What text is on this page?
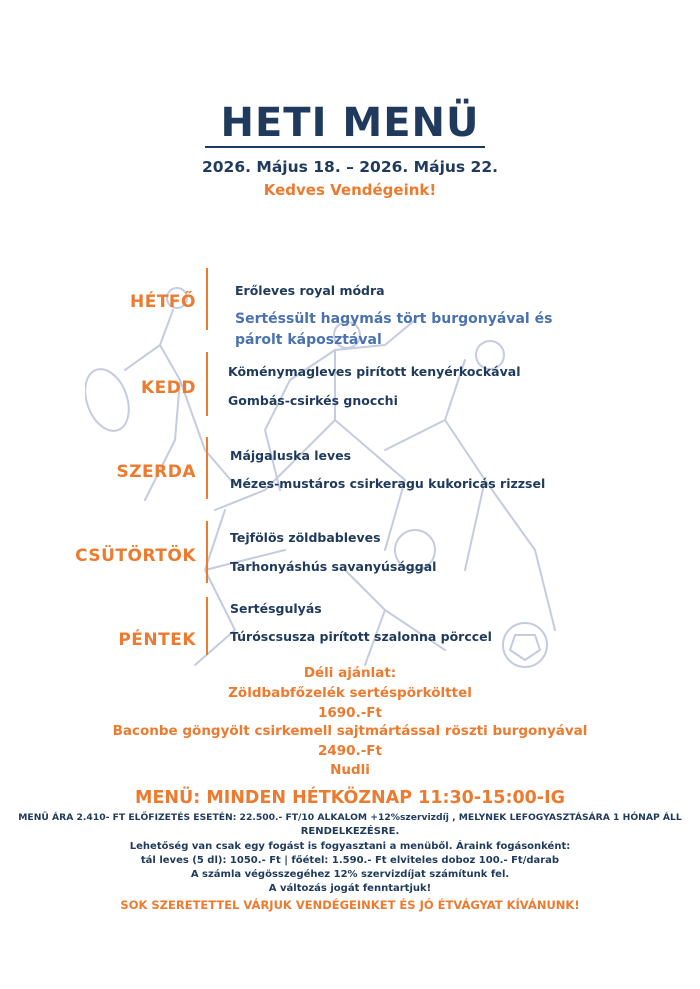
HETI MENÜ
2026. Május 18. – 2026. Május 22.
Kedves Vendégeink!
HÉTFŐ
Erőleves royal módra
Sertéssült hagymás tört burgonyával és párolt káposztával
KEDD
Köménymagleves pirított kenyérkockával
Gombás-csirkés gnocchi
SZERDA
Májgaluska leves
Mézes-mustáros csirkeragu kukoricás rizzsel
CSÜTÖRTÖK
Tejfölös zöldbableves
Tarhonyáshús savanyúsággal
PÉNTEK
Sertésgulyás
Túróscsusza pirított szalonna pörccel
Déli ajánlat:
Zöldbabfőzelék sertéspörkölttel
1690.-Ft
Baconbe göngyölt csirkemell sajtmártással röszti burgonyával
2490.-Ft
Nudli
MENÜ: MINDEN HÉTKÖZNAP 11:30-15:00-IG
MENÜ ÁRA 2.410- FT ELŐFIZETÉS ESETÉN: 22.500.- FT/10 ALKALOM +12%szervizdíj , MELYNEK LEFOGYASZTÁSÁRA 1 HÓNAP ÁLL
RENDELKEZÉSRE.
Lehetőség van csak egy fogást is fogyasztani a menüből. Áraink fogásonként:
tál leves (5 dl): 1050.- Ft | főétel: 1.590.- Ft elviteles doboz 100.- Ft/darab
A számla végösszegéhez 12% szervizdíjat számítunk fel.
A változás jogát fenntartjuk!
SOK SZERETETTEL VÁRJUK VENDÉGEINKET ÉS JÓ ÉTVÁGYAT KÍVÁNUNK!
